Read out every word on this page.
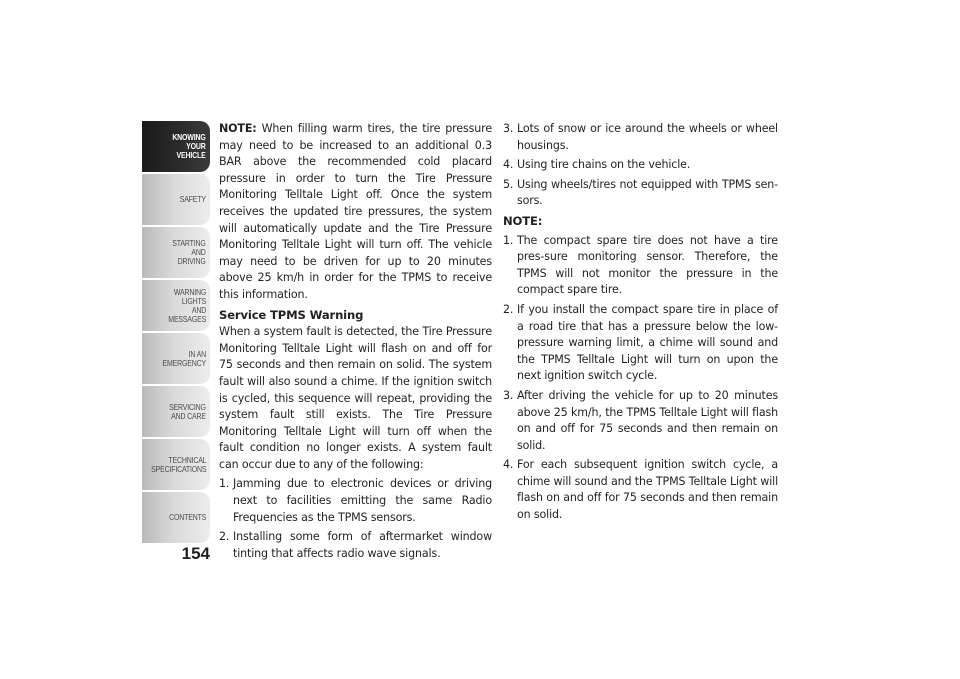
KNOWING
YOUR
VEHICLE
SAFETY
STARTING
AND
DRIVING
WARNING
LIGHTS
AND
MESSAGES
IN AN
EMERGENCY
SERVICING
AND CARE
TECHNICAL
SPECIFICATIONS
CONTENTS
154

NOTE: When filling warm tires, the tire pressure may need to be increased to an additional 0.3 BAR above the recommended cold placard pressure in order to turn the Tire Pressure Monitoring Telltale Light off. Once the system receives the updated tire pressures, the system will automatically update and the Tire Pressure Monitoring Telltale Light will turn off. The vehicle may need to be driven for up to 20 minutes above 25 km/h in order for the TPMS to receive this information.

Service TPMS Warning

When a system fault is detected, the Tire Pressure Monitoring Telltale Light will flash on and off for 75 seconds and then remain on solid. The system fault will also sound a chime. If the ignition switch is cycled, this sequence will repeat, providing the system fault still exists. The Tire Pressure Monitoring Telltale Light will turn off when the fault condition no longer exists. A system fault can occur due to any of the following:

1. Jamming due to electronic devices or driving next to facilities emitting the same Radio Frequencies as the TPMS sensors.
2. Installing some form of aftermarket window tinting that affects radio wave signals.
3. Lots of snow or ice around the wheels or wheel housings.
4. Using tire chains on the vehicle.
5. Using wheels/tires not equipped with TPMS sen-sors.
NOTE:
1. The compact spare tire does not have a tire pres-sure monitoring sensor. Therefore, the TPMS will not monitor the pressure in the compact spare tire.
2. If you install the compact spare tire in place of a road tire that has a pressure below the low-pressure warning limit, a chime will sound and the TPMS Telltale Light will turn on upon the next ignition switch cycle.
3. After driving the vehicle for up to 20 minutes above 25 km/h, the TPMS Telltale Light will flash on and off for 75 seconds and then remain on solid.
4. For each subsequent ignition switch cycle, a chime will sound and the TPMS Telltale Light will flash on and off for 75 seconds and then remain on solid.
